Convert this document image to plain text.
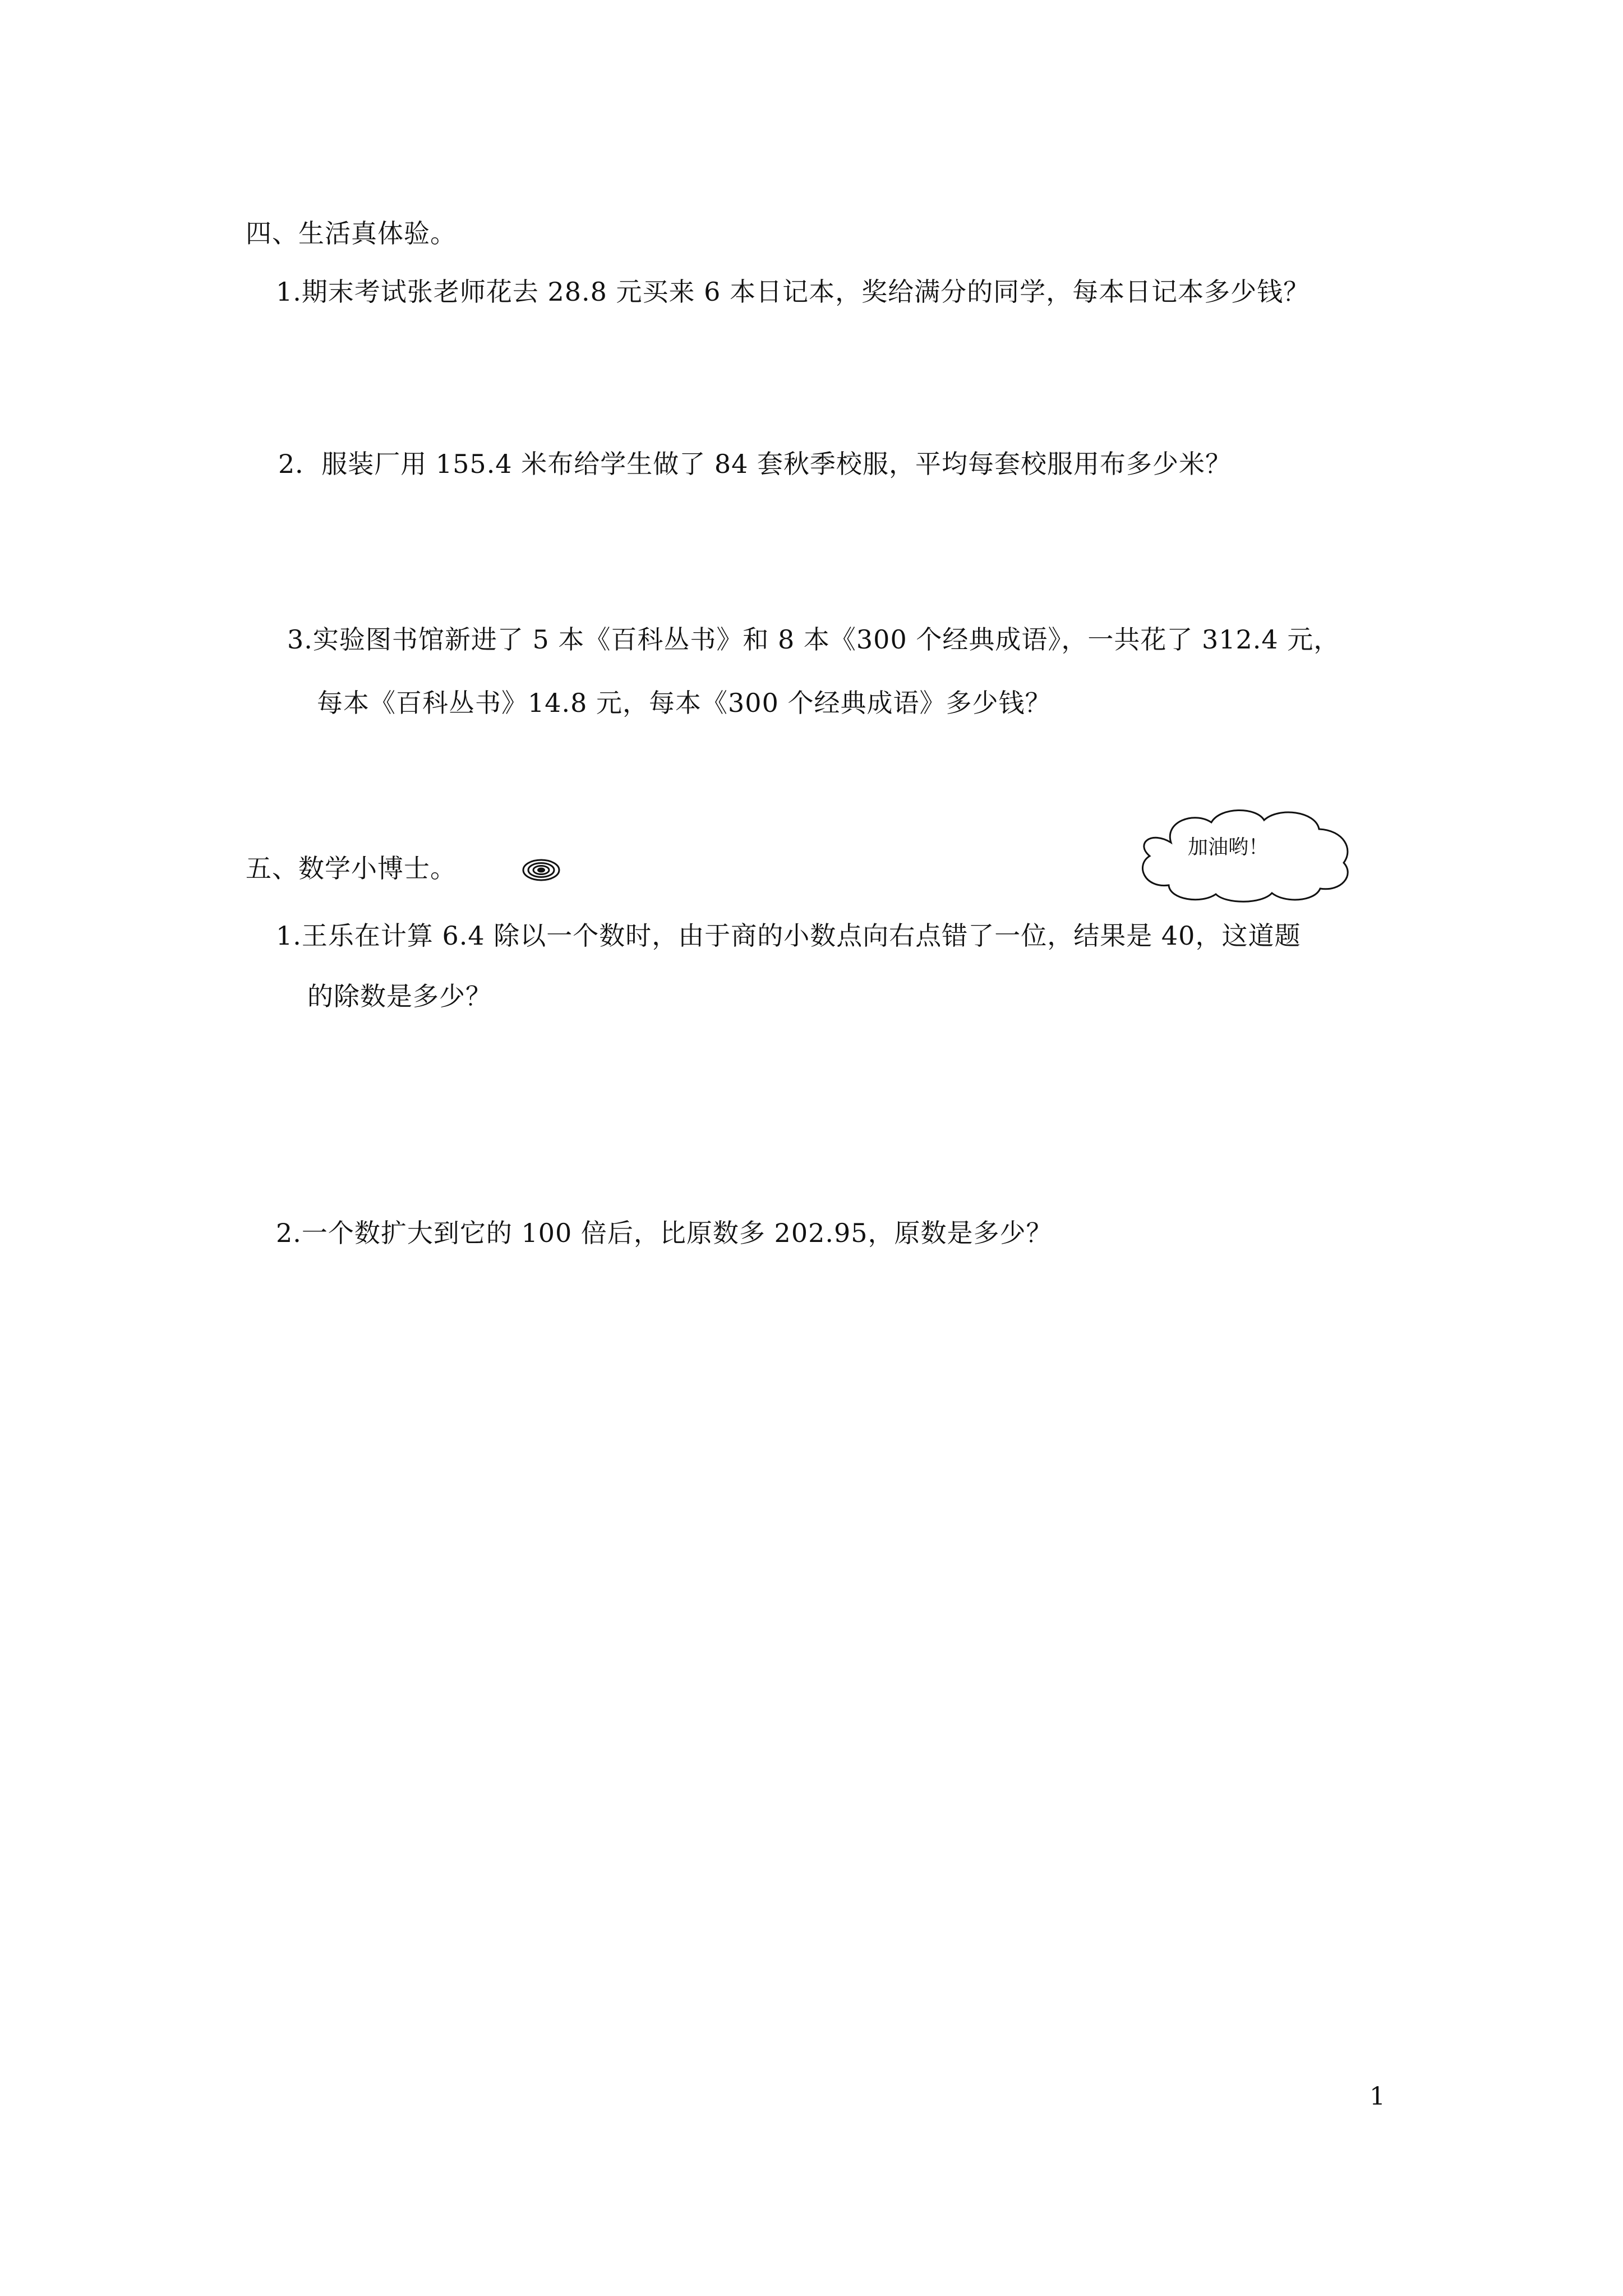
四、生活真体验。
1.期末考试张老师花去 28.8 元买来 6 本日记本，奖给满分的同学，每本日记本多少钱？
2．服装厂用 155.4 米布给学生做了 84 套秋季校服，平均每套校服用布多少米？
3.实验图书馆新进了 5 本《百科丛书》和 8 本《300 个经典成语》，一共花了 312.4 元，
每本《百科丛书》14.8 元，每本《300 个经典成语》多少钱？
五、数学小博士。
加油哟！
1.王乐在计算 6.4 除以一个数时，由于商的小数点向右点错了一位，结果是 40，这道题
的除数是多少？
2.一个数扩大到它的 100 倍后，比原数多 202.95，原数是多少？
1
